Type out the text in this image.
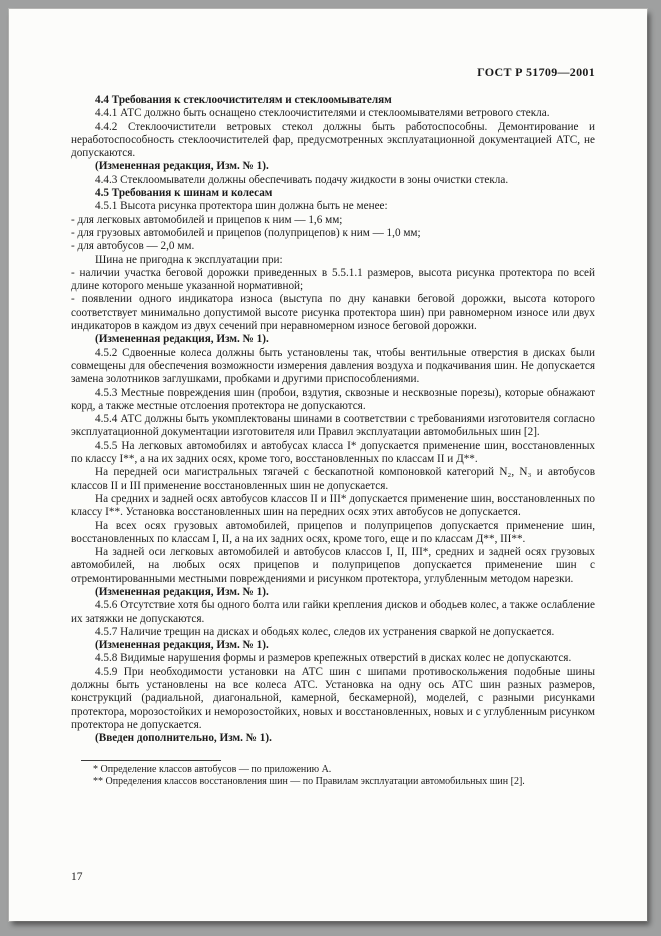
ГОСТ Р 51709—2001

4.4 Требования к стеклоочистителям и стеклоомывателям

4.4.1 АТС должно быть оснащено стеклоочистителями и стеклоомывателями ветрового стекла.

4.4.2 Стеклоочистители ветровых стекол должны быть работоспособны. Демонтирование и неработоспособность стеклоочистителей фар, предусмотренных эксплуатационной документацией АТС, не допускаются.

(Измененная редакция, Изм. № 1).

4.4.3 Стеклоомыватели должны обеспечивать подачу жидкости в зоны очистки стекла.

4.5 Требования к шинам и колесам

4.5.1 Высота рисунка протектора шин должна быть не менее:

- для легковых автомобилей и прицепов к ним — 1,6 мм;

- для грузовых автомобилей и прицепов (полуприцепов) к ним — 1,0 мм;

- для автобусов — 2,0 мм.

Шина не пригодна к эксплуатации при:

- наличии участка беговой дорожки приведенных в 5.5.1.1 размеров, высота рисунка протектора по всей длине которого меньше указанной нормативной;

- появлении одного индикатора износа (выступа по дну канавки беговой дорожки, высота которого соответствует минимально допустимой высоте рисунка протектора шин) при равномерном износе или двух индикаторов в каждом из двух сечений при неравномерном износе беговой дорожки.

(Измененная редакция, Изм. № 1).

4.5.2 Сдвоенные колеса должны быть установлены так, чтобы вентильные отверстия в дисках были совмещены для обеспечения возможности измерения давления воздуха и подкачивания шин. Не допускается замена золотников заглушками, пробками и другими приспособлениями.

4.5.3 Местные повреждения шин (пробои, вздутия, сквозные и несквозные порезы), которые обнажают корд, а также местные отслоения протектора не допускаются.

4.5.4 АТС должны быть укомплектованы шинами в соответствии с требованиями изготовителя согласно эксплуатационной документации изготовителя или Правил эксплуатации автомобильных шин [2].

4.5.5 На легковых автомобилях и автобусах класса I* допускается применение шин, восстановленных по классу I**, а на их задних осях, кроме того, восстановленных по классам II и Д**.

На передней оси магистральных тягачей с бескапотной компоновкой категорий N₂, N₃ и автобусов классов II и III применение восстановленных шин не допускается.

На средних и задней осях автобусов классов II и III* допускается применение шин, восстановленных по классу I**. Установка восстановленных шин на передних осях этих автобусов не допускается.

На всех осях грузовых автомобилей, прицепов и полуприцепов допускается применение шин, восстановленных по классам I, II, а на их задних осях, кроме того, еще и по классам Д**, III**.

На задней оси легковых автомобилей и автобусов классов I, II, III*, средних и задней осях грузовых автомобилей, на любых осях прицепов и полуприцепов допускается применение шин с отремонтированными местными повреждениями и рисунком протектора, углубленным методом нарезки.

(Измененная редакция, Изм. № 1).

4.5.6 Отсутствие хотя бы одного болта или гайки крепления дисков и ободьев колес, а также ослабление их затяжки не допускаются.

4.5.7 Наличие трещин на дисках и ободьях колес, следов их устранения сваркой не допускается.

(Измененная редакция, Изм. № 1).

4.5.8 Видимые нарушения формы и размеров крепежных отверстий в дисках колес не допускаются.

4.5.9 При необходимости установки на АТС шин с шипами противоскольжения подобные шины должны быть установлены на все колеса АТС. Установка на одну ось АТС шин разных размеров, конструкций (радиальной, диагональной, камерной, бескамерной), моделей, с разными рисунками протектора, морозостойких и неморозостойких, новых и восстановленных, новых и с углубленным рисунком протектора не допускается.

(Введен дополнительно, Изм. № 1).

* Определение классов автобусов — по приложению А.

** Определения классов восстановления шин — по Правилам эксплуатации автомобильных шин [2].

17
